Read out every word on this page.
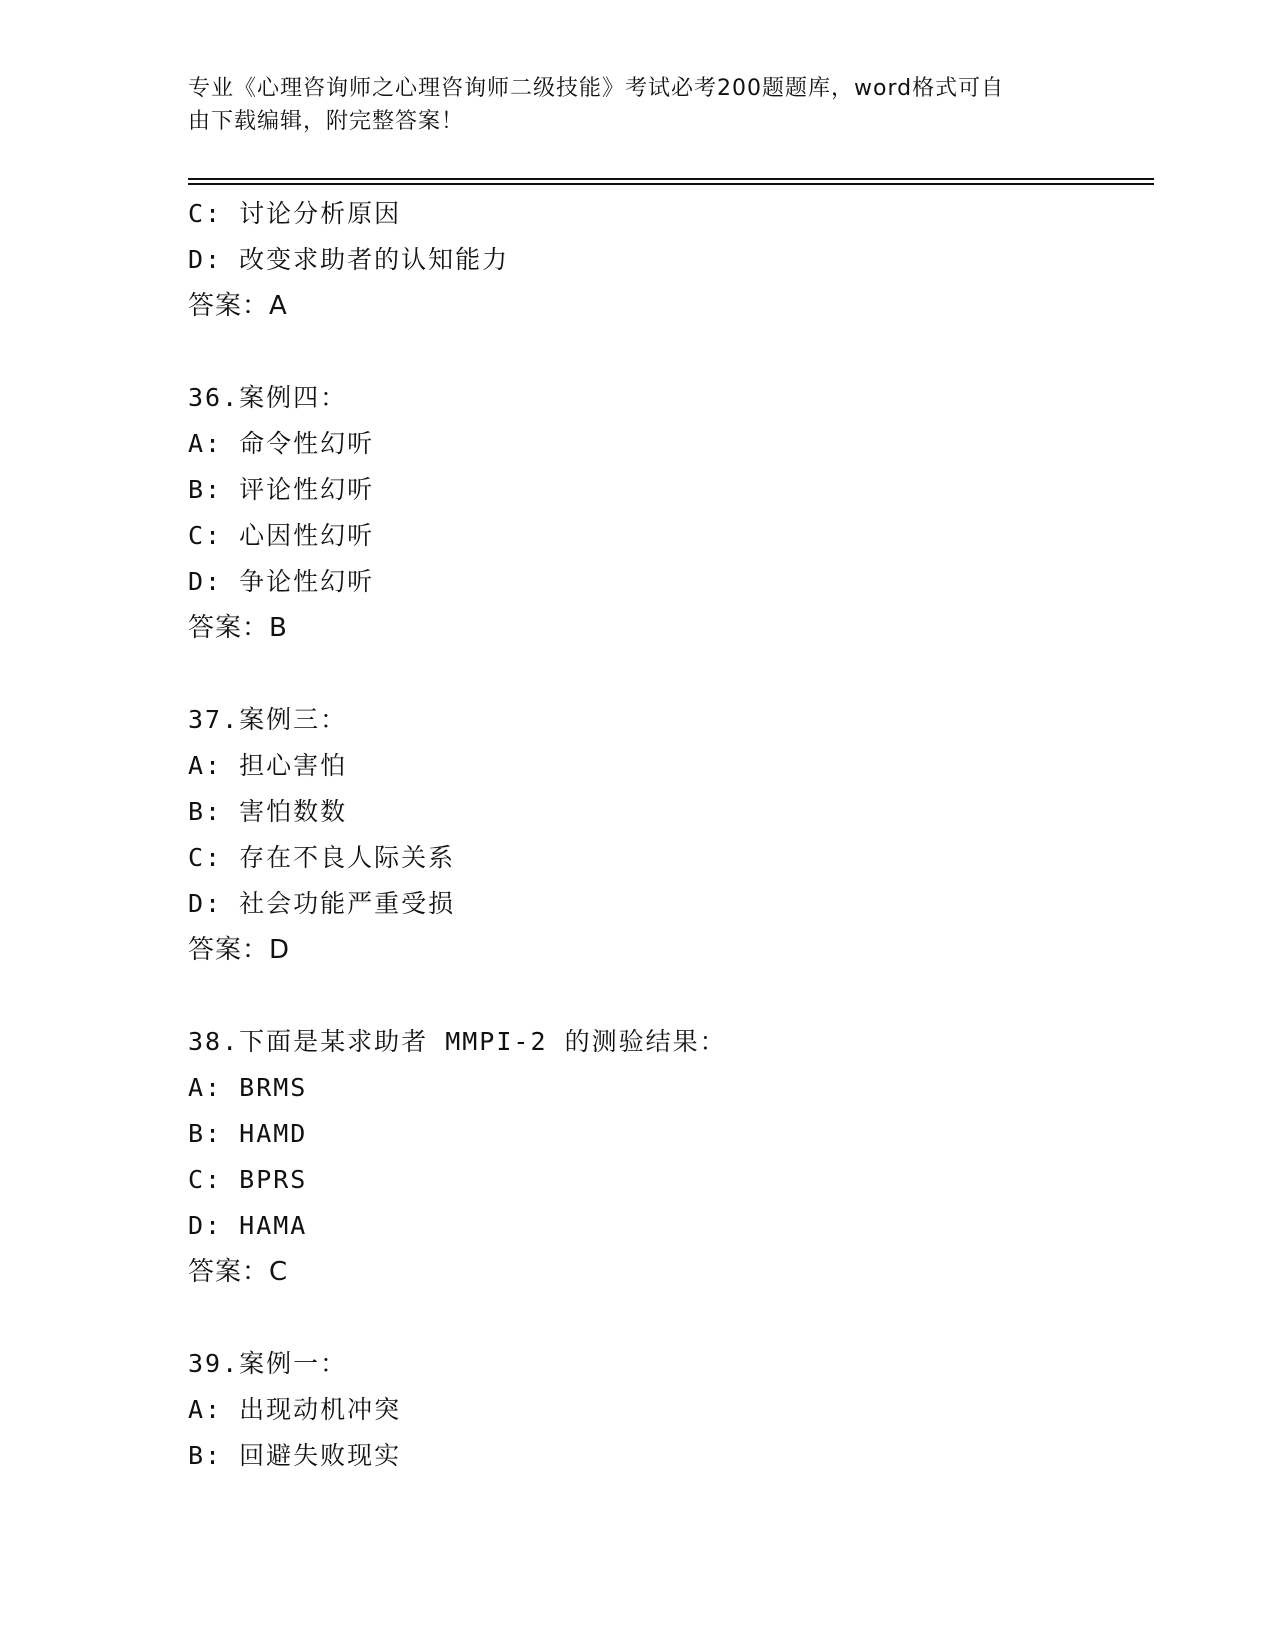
专业《心理咨询师之心理咨询师二级技能》考试必考200题题库，word格式可自
由下载编辑，附完整答案！
C: 讨论分析原因
D: 改变求助者的认知能力
答案：A
36.案例四：
A: 命令性幻听
B: 评论性幻听
C: 心因性幻听
D: 争论性幻听
答案：B
37.案例三：
A: 担心害怕
B: 害怕数数
C: 存在不良人际关系
D: 社会功能严重受损
答案：D
38.下面是某求助者 MMPI-2 的测验结果：
A: BRMS
B: HAMD
C: BPRS
D: HAMA
答案：C
39.案例一：
A: 出现动机冲突
B: 回避失败现实
